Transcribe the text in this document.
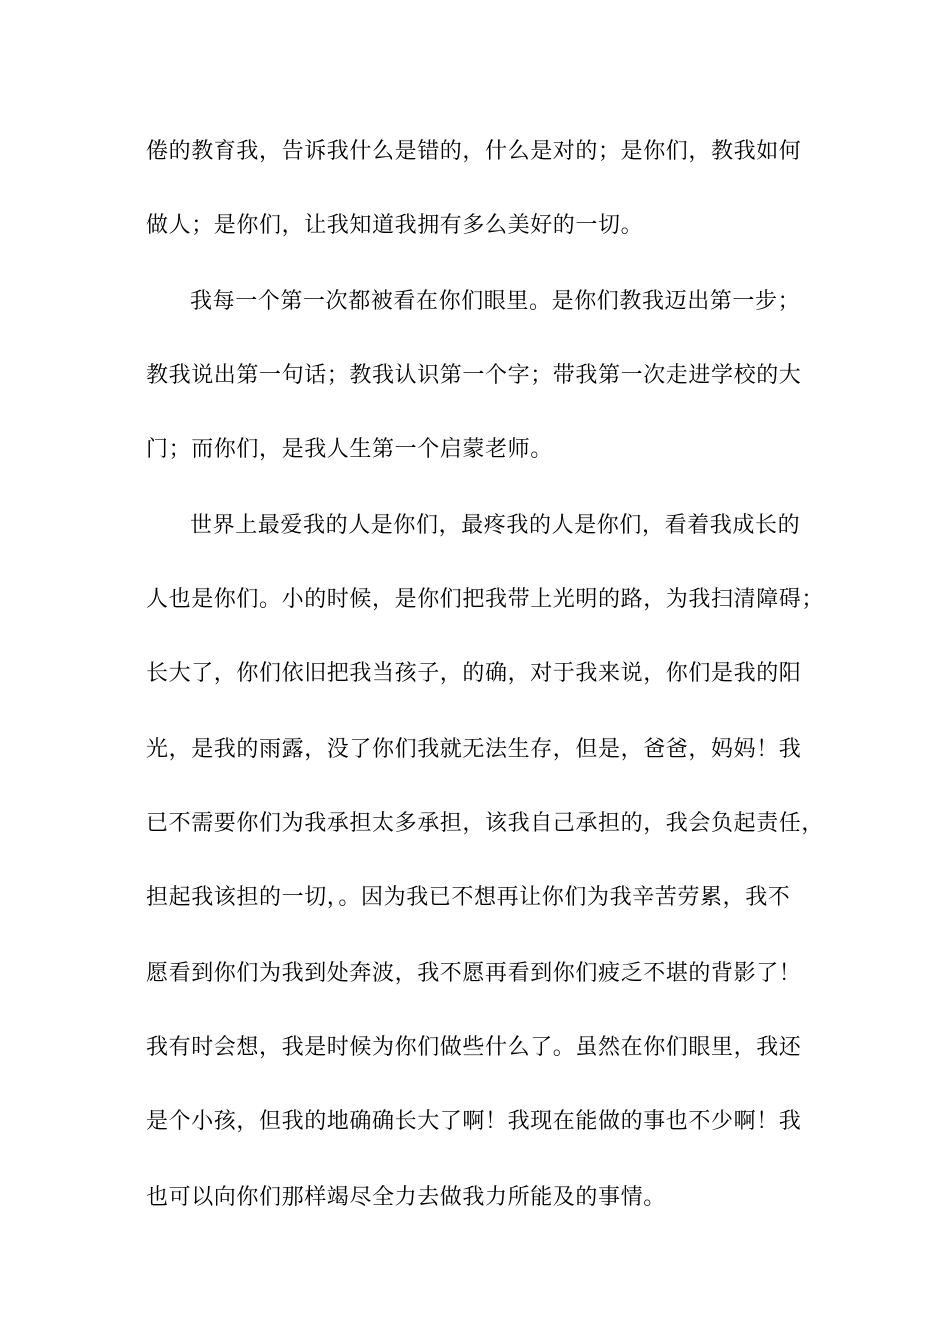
倦的教育我，告诉我什么是错的，什么是对的；是你们，教我如何
做人；是你们，让我知道我拥有多么美好的一切。
我每一个第一次都被看在你们眼里。是你们教我迈出第一步；
教我说出第一句话；教我认识第一个字；带我第一次走进学校的大
门；而你们，是我人生第一个启蒙老师。
世界上最爱我的人是你们，最疼我的人是你们，看着我成长的
人也是你们。小的时候，是你们把我带上光明的路，为我扫清障碍；
长大了，你们依旧把我当孩子，的确，对于我来说，你们是我的阳
光，是我的雨露，没了你们我就无法生存，但是，爸爸，妈妈！我
已不需要你们为我承担太多承担，该我自己承担的，我会负起责任，
担起我该担的一切，。因为我已不想再让你们为我辛苦劳累，我不
愿看到你们为我到处奔波，我不愿再看到你们疲乏不堪的背影了！
我有时会想，我是时候为你们做些什么了。虽然在你们眼里，我还
是个小孩，但我的地确确长大了啊！我现在能做的事也不少啊！我
也可以向你们那样竭尽全力去做我力所能及的事情。
